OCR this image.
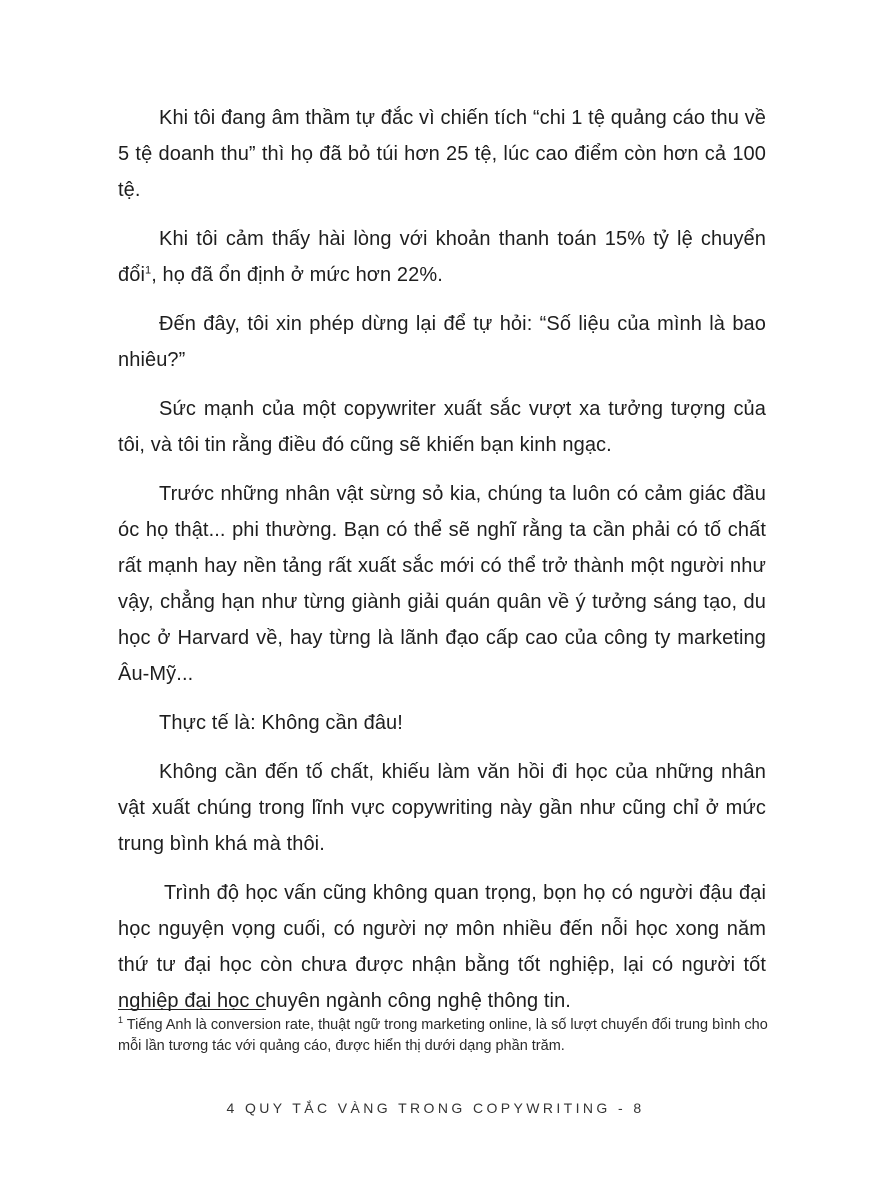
Khi tôi đang âm thầm tự đắc vì chiến tích “chi 1 tệ quảng cáo thu về 5 tệ doanh thu” thì họ đã bỏ túi hơn 25 tệ, lúc cao điểm còn hơn cả 100 tệ.

Khi tôi cảm thấy hài lòng với khoản thanh toán 15% tỷ lệ chuyển đổi$^1$, họ đã ổn định ở mức hơn 22%.

Đến đây, tôi xin phép dừng lại để tự hỏi: “Số liệu của mình là bao nhiêu?”

Sức mạnh của một copywriter xuất sắc vượt xa tưởng tượng của tôi, và tôi tin rằng điều đó cũng sẽ khiến bạn kinh ngạc.

Trước những nhân vật sừng sỏ kia, chúng ta luôn có cảm giác đầu óc họ thật... phi thường. Bạn có thể sẽ nghĩ rằng ta cần phải có tố chất rất mạnh hay nền tảng rất xuất sắc mới có thể trở thành một người như vậy, chẳng hạn như từng giành giải quán quân về ý tưởng sáng tạo, du học ở Harvard về, hay từng là lãnh đạo cấp cao của công ty marketing Âu-Mỹ...

Thực tế là: Không cần đâu!

Không cần đến tố chất, khiếu làm văn hồi đi học của những nhân vật xuất chúng trong lĩnh vực copywriting này gần như cũng chỉ ở mức trung bình khá mà thôi.

Trình độ học vấn cũng không quan trọng, bọn họ có người đậu đại học nguyện vọng cuối, có người nợ môn nhiều đến nỗi học xong năm thứ tư đại học còn chưa được nhận bằng tốt nghiệp, lại có người tốt nghiệp đại học chuyên ngành công nghệ thông tin.

$^1$ Tiếng Anh là conversion rate, thuật ngữ trong marketing online, là số lượt chuyển đổi trung bình cho mỗi lần tương tác với quảng cáo, được hiển thị dưới dạng phần trăm.

4 QUY TẮC VÀNG TRONG COPYWRITING - 8
